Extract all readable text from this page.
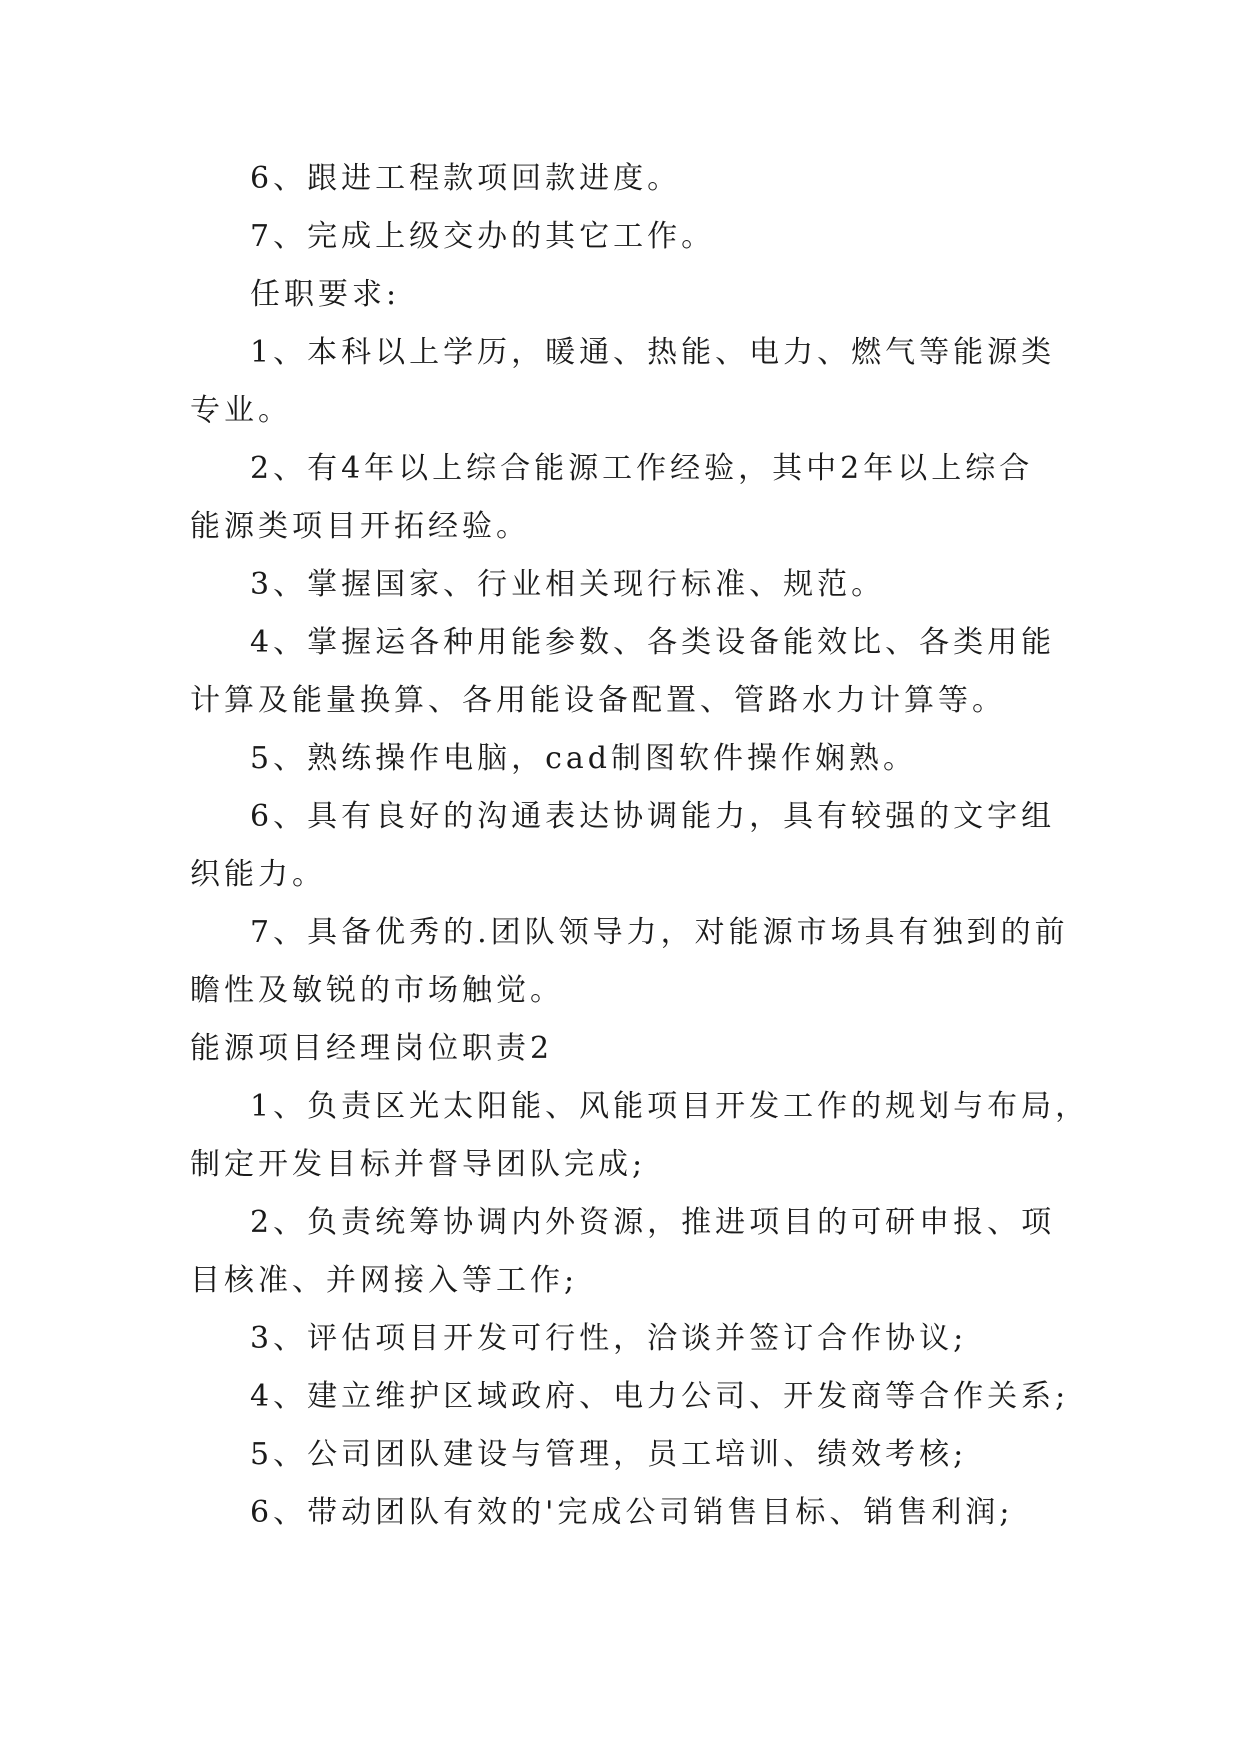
6、跟进工程款项回款进度。
7、完成上级交办的其它工作。
任职要求:
1、本科以上学历，暖通、热能、电力、燃气等能源类
专业。
2、有4年以上综合能源工作经验，其中2年以上综合
能源类项目开拓经验。
3、掌握国家、行业相关现行标准、规范。
4、掌握运各种用能参数、各类设备能效比、各类用能
计算及能量换算、各用能设备配置、管路水力计算等。
5、熟练操作电脑，cad制图软件操作娴熟。
6、具有良好的沟通表达协调能力，具有较强的文字组
织能力。
7、具备优秀的.团队领导力，对能源市场具有独到的前
瞻性及敏锐的市场触觉。
能源项目经理岗位职责2
1、负责区光太阳能、风能项目开发工作的规划与布局，
制定开发目标并督导团队完成;
2、负责统筹协调内外资源，推进项目的可研申报、项
目核准、并网接入等工作;
3、评估项目开发可行性，洽谈并签订合作协议;
4、建立维护区域政府、电力公司、开发商等合作关系;
5、公司团队建设与管理，员工培训、绩效考核;
6、带动团队有效的'完成公司销售目标、销售利润;
